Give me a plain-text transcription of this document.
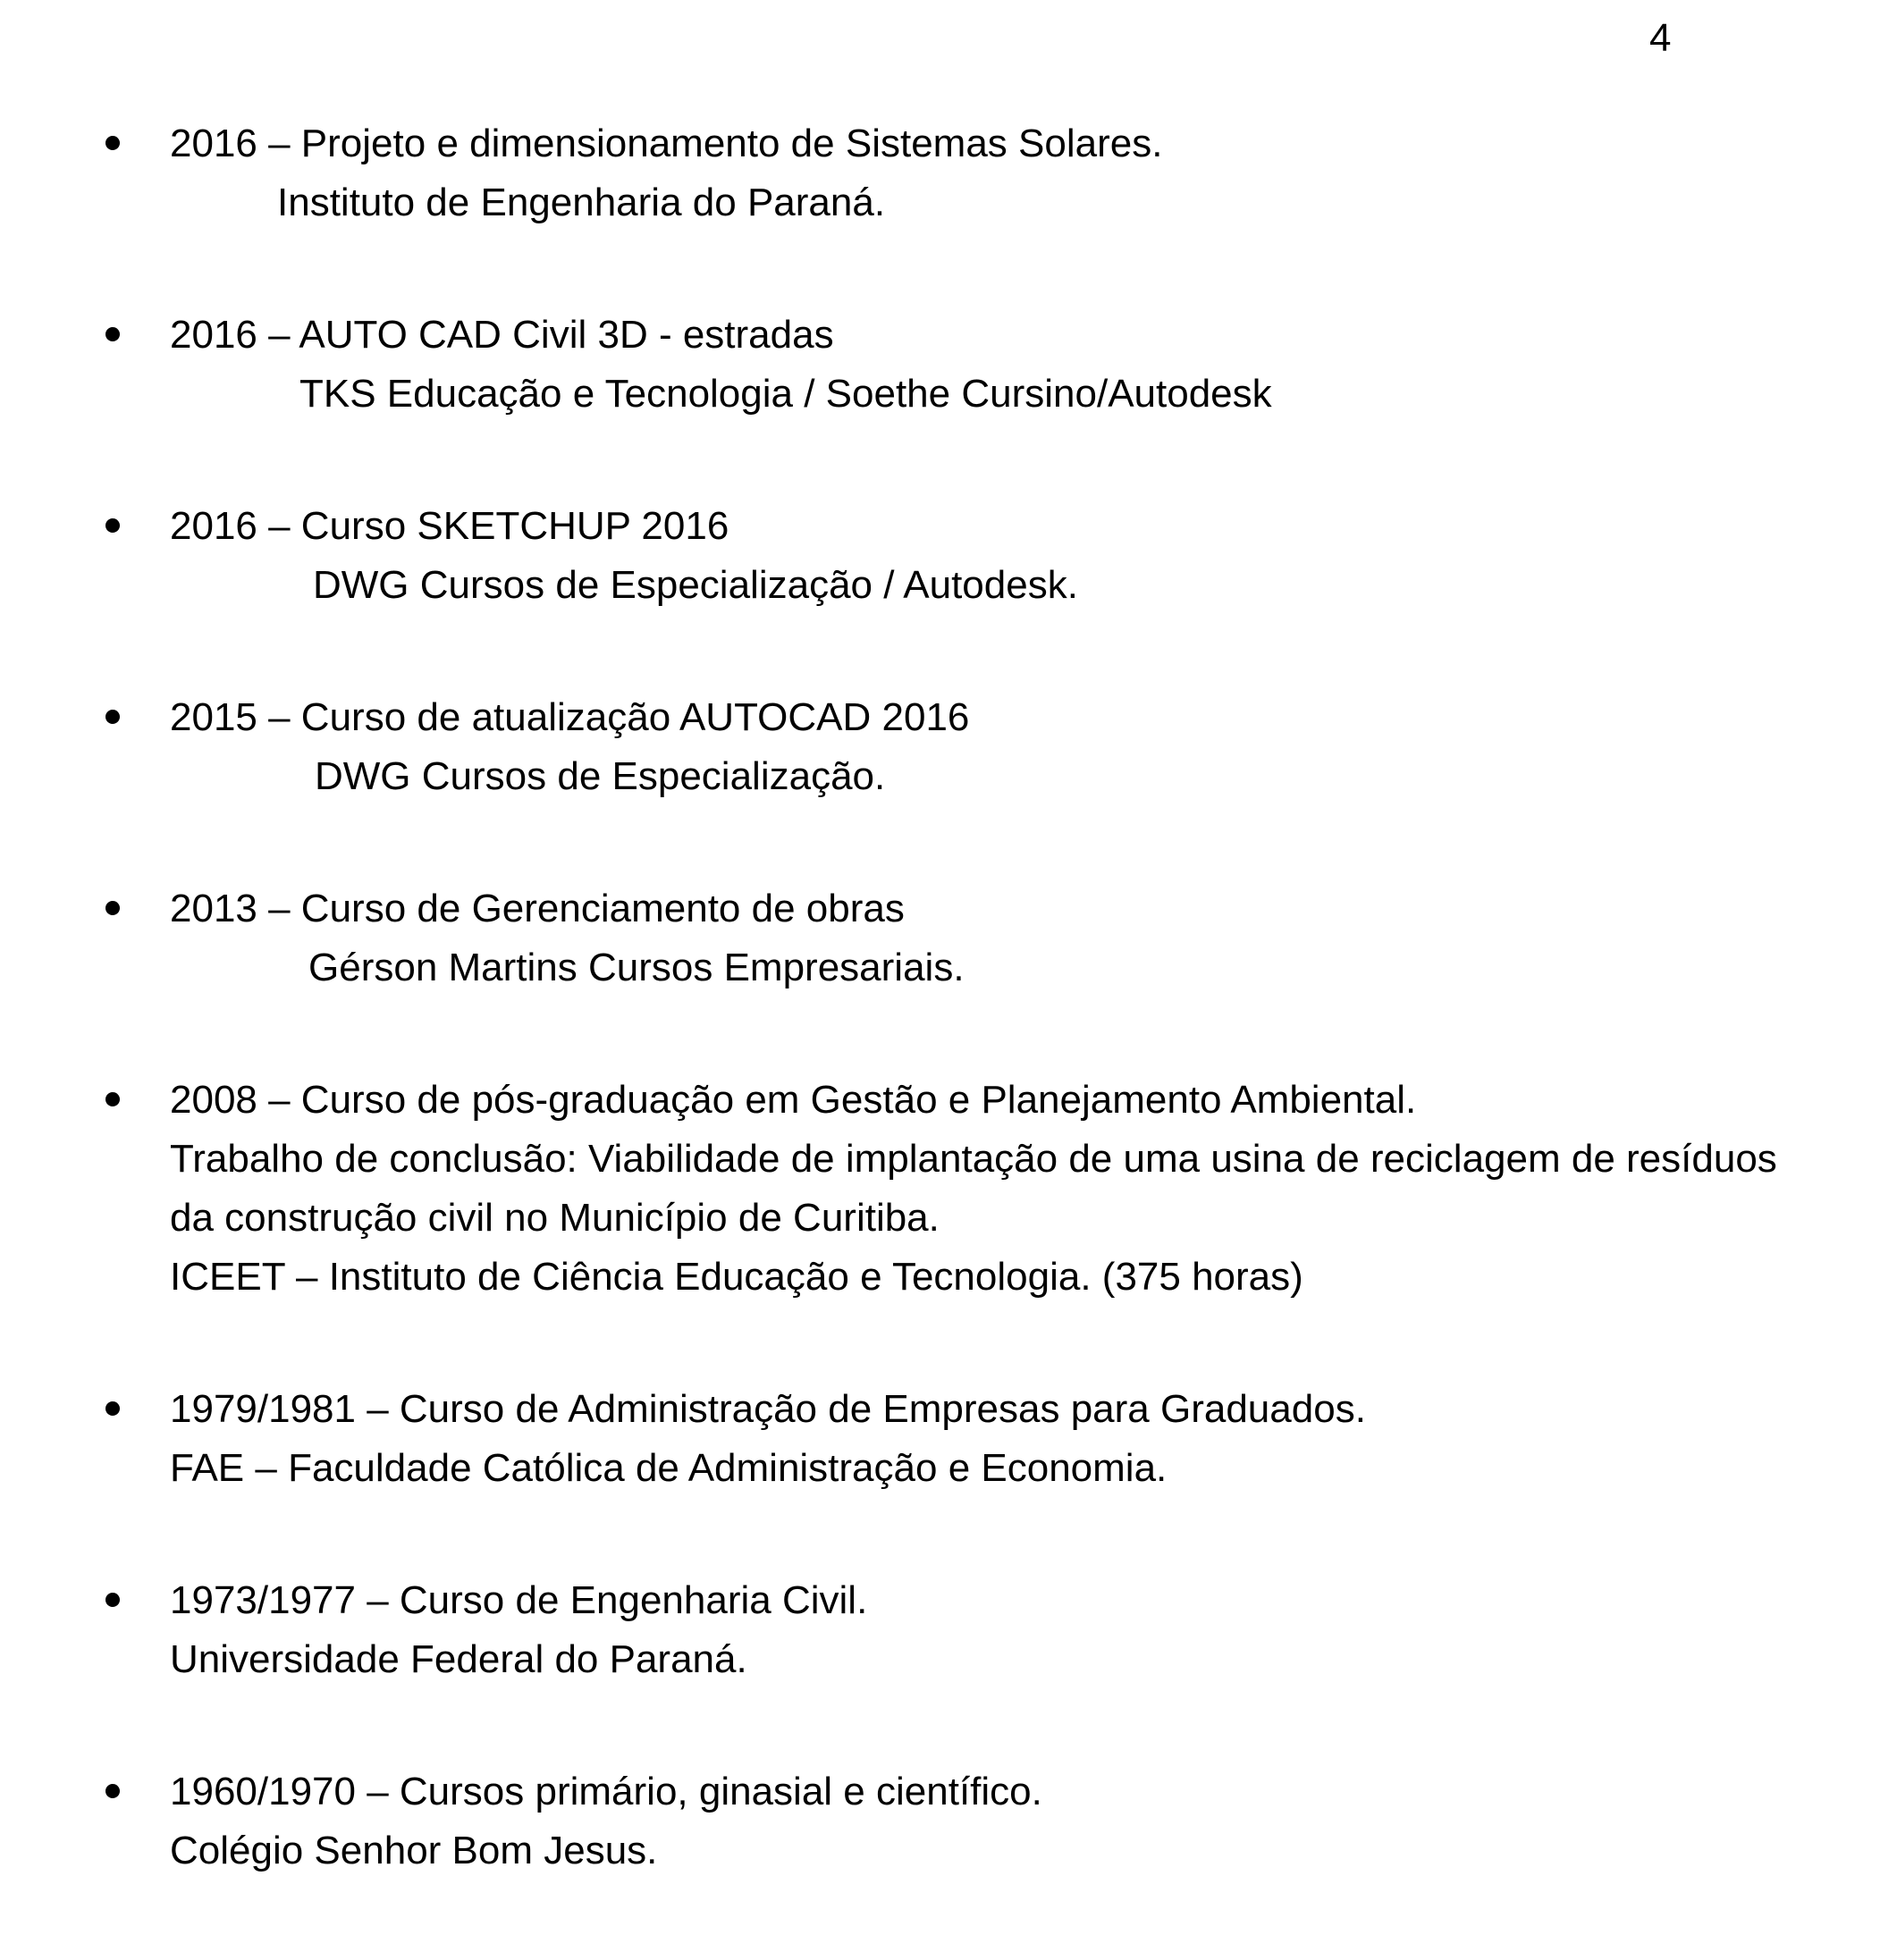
4
2016 – Projeto e dimensionamento de Sistemas Solares.
Instituto de Engenharia do Paraná.
2016 – AUTO CAD Civil 3D - estradas
TKS Educação e Tecnologia / Soethe Cursino/Autodesk
2016 – Curso SKETCHUP 2016
DWG Cursos de Especialização / Autodesk.
2015 – Curso de atualização AUTOCAD 2016
DWG Cursos de Especialização.
2013 – Curso de Gerenciamento de obras
Gérson Martins Cursos Empresariais.
2008 – Curso de pós-graduação em Gestão e Planejamento Ambiental.
Trabalho de conclusão: Viabilidade de implantação de uma usina de reciclagem de resíduos
da construção civil no Município de Curitiba.
ICEET – Instituto de Ciência Educação e Tecnologia. (375 horas)
1979/1981 – Curso de Administração de Empresas para Graduados.
FAE – Faculdade Católica de Administração e Economia.
1973/1977 – Curso de Engenharia Civil.
Universidade Federal do Paraná.
1960/1970 – Cursos primário, ginasial e científico.
Colégio Senhor Bom Jesus.
